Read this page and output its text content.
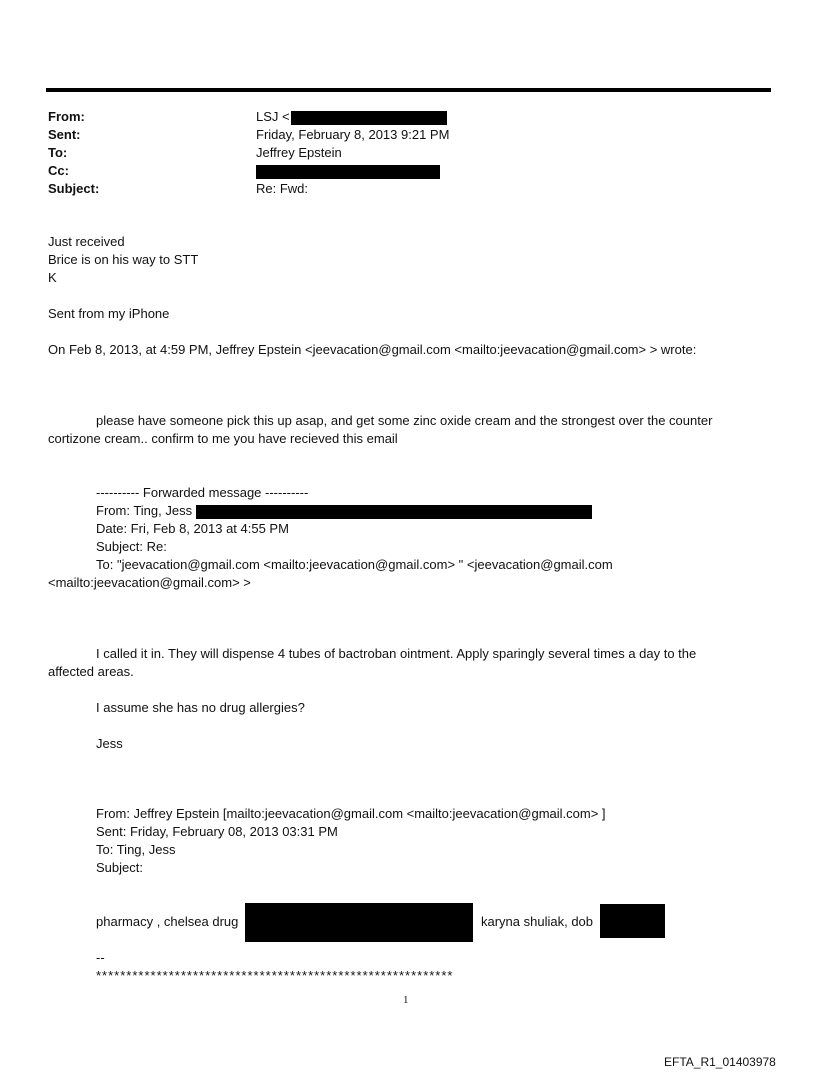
From:	LSJ <
Sent:	Friday, February 8, 2013 9:21 PM
To:	Jeffrey Epstein
Cc:
Subject:	Re: Fwd:
Just received
Brice is on his way to STT
K
Sent from my iPhone
On Feb 8, 2013, at 4:59 PM, Jeffrey Epstein <jeevacation@gmail.com <mailto:jeevacation@gmail.com> > wrote:
please have someone pick this up asap, and get some zinc oxide cream and the strongest over the counter
cortizone cream.. confirm to me you have recieved this email
---------- Forwarded message ----------
From: Ting, Jess
Date: Fri, Feb 8, 2013 at 4:55 PM
Subject: Re:
To: "jeevacation@gmail.com <mailto:jeevacation@gmail.com> " <jeevacation@gmail.com
<mailto:jeevacation@gmail.com> >
I called it in. They will dispense 4 tubes of bactroban ointment. Apply sparingly several times a day to the
affected areas.
I assume she has no drug allergies?
Jess
From: Jeffrey Epstein [mailto:jeevacation@gmail.com <mailto:jeevacation@gmail.com> ]
Sent: Friday, February 08, 2013 03:31 PM
To: Ting, Jess
Subject:
pharmacy , chelsea drug	karyna shuliak, dob
--
***********************************************************
1
EFTA_R1_01403978
